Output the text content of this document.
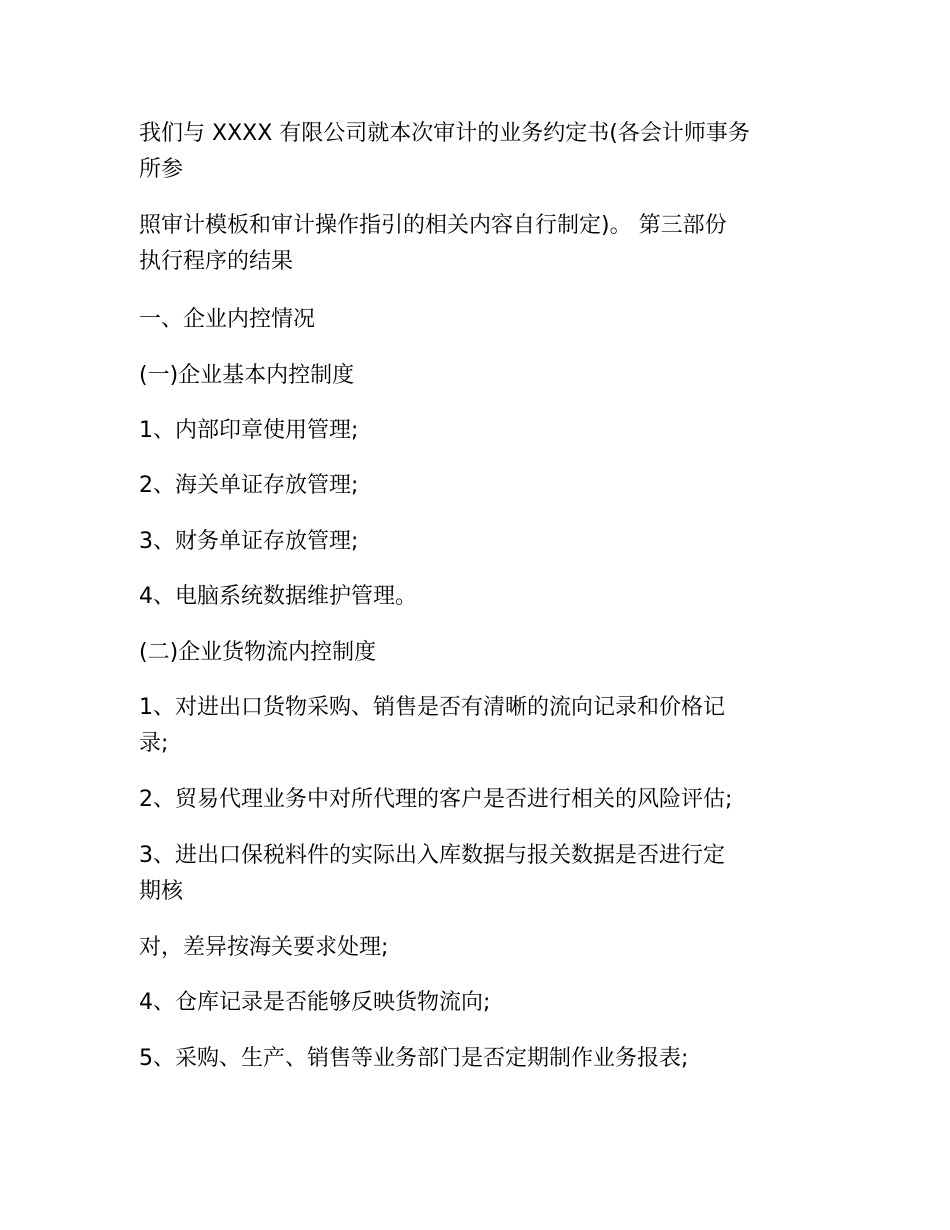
我们与 XXXX 有限公司就本次审计的业务约定书(各会计师事务
所参

照审计模板和审计操作指引的相关内容自行制定)。 第三部份
执行程序的结果

一、企业内控情况

(一)企业基本内控制度

1、内部印章使用管理;

2、海关单证存放管理;

3、财务单证存放管理;

4、电脑系统数据维护管理。

(二)企业货物流内控制度

1、对进出口货物采购、销售是否有清晰的流向记录和价格记
录;

2、贸易代理业务中对所代理的客户是否进行相关的风险评估;

3、进出口保税料件的实际出入库数据与报关数据是否进行定
期核

对，差异按海关要求处理;

4、仓库记录是否能够反映货物流向;

5、采购、生产、销售等业务部门是否定期制作业务报表;
